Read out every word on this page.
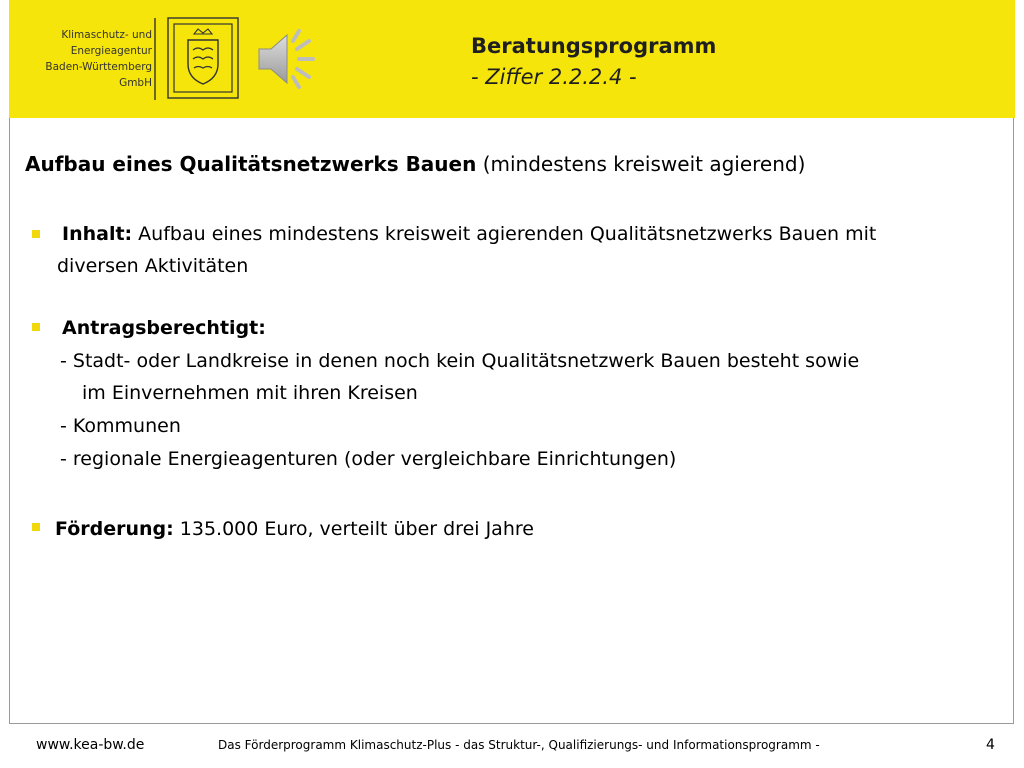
Klimaschutz- und
Energieagentur
Baden-Württemberg
GmbH
Beratungsprogramm
- Ziffer 2.2.2.4 -
Aufbau eines Qualitätsnetzwerks Bauen (mindestens kreisweit agierend)
Inhalt: Aufbau eines mindestens kreisweit agierenden Qualitätsnetzwerks Bauen mit
diversen Aktivitäten
Antragsberechtigt:
- Stadt- oder Landkreise in denen noch kein Qualitätsnetzwerk Bauen besteht sowie
im Einvernehmen mit ihren Kreisen
- Kommunen
- regionale Energieagenturen (oder vergleichbare Einrichtungen)
Förderung: 135.000 Euro, verteilt über drei Jahre
www.kea-bw.de	Das Förderprogramm Klimaschutz-Plus - das Struktur-, Qualifizierungs- und Informationsprogramm -	4
